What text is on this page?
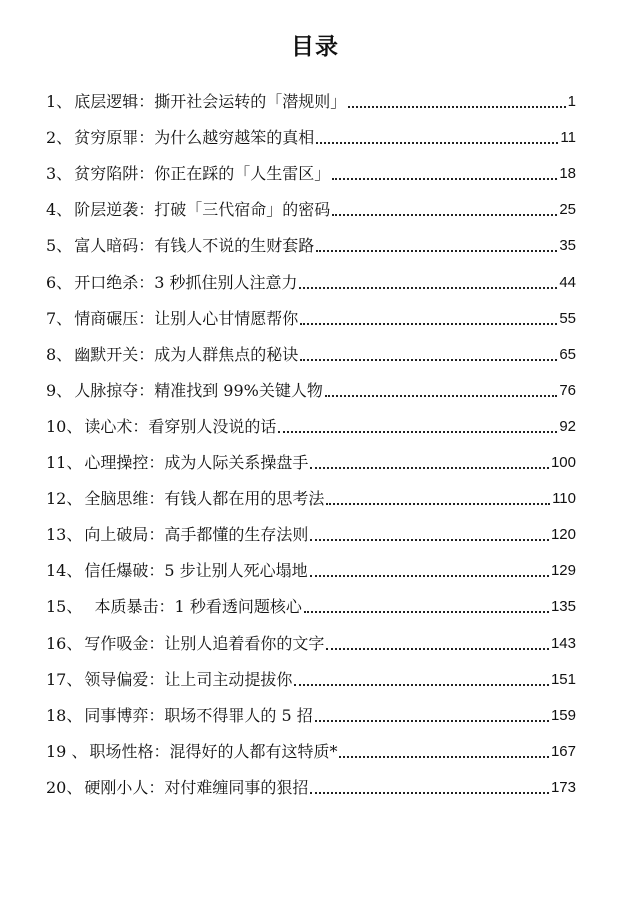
目录
1、 底层逻辑：撕开社会运转的「潜规则」	1
2、 贫穷原罪：为什么越穷越笨的真相	11
3、 贫穷陷阱：你正在踩的「人生雷区」	18
4、 阶层逆袭：打破「三代宿命」的密码	25
5、 富人暗码：有钱人不说的生财套路	35
6、 开口绝杀：3 秒抓住别人注意力	44
7、 情商碾压：让别人心甘情愿帮你	55
8、 幽默开关：成为人群焦点的秘诀	65
9、 人脉掠夺：精准找到 99%关键人物	76
10、 读心术：看穿别人没说的话	92
11、 心理操控：成为人际关系操盘手	100
12、 全脑思维：有钱人都在用的思考法	110
13、 向上破局：高手都懂的生存法则	120
14、 信任爆破：5 步让别人死心塌地	129
15、 本质暴击：1 秒看透问题核心	135
16、 写作吸金：让别人追着看你的文字	143
17、 领导偏爱：让上司主动提拔你	151
18、 同事博弈：职场不得罪人的 5 招	159
19 、 职场性格：混得好的人都有这特质*	167
20、 硬刚小人：对付难缠同事的狠招	173
